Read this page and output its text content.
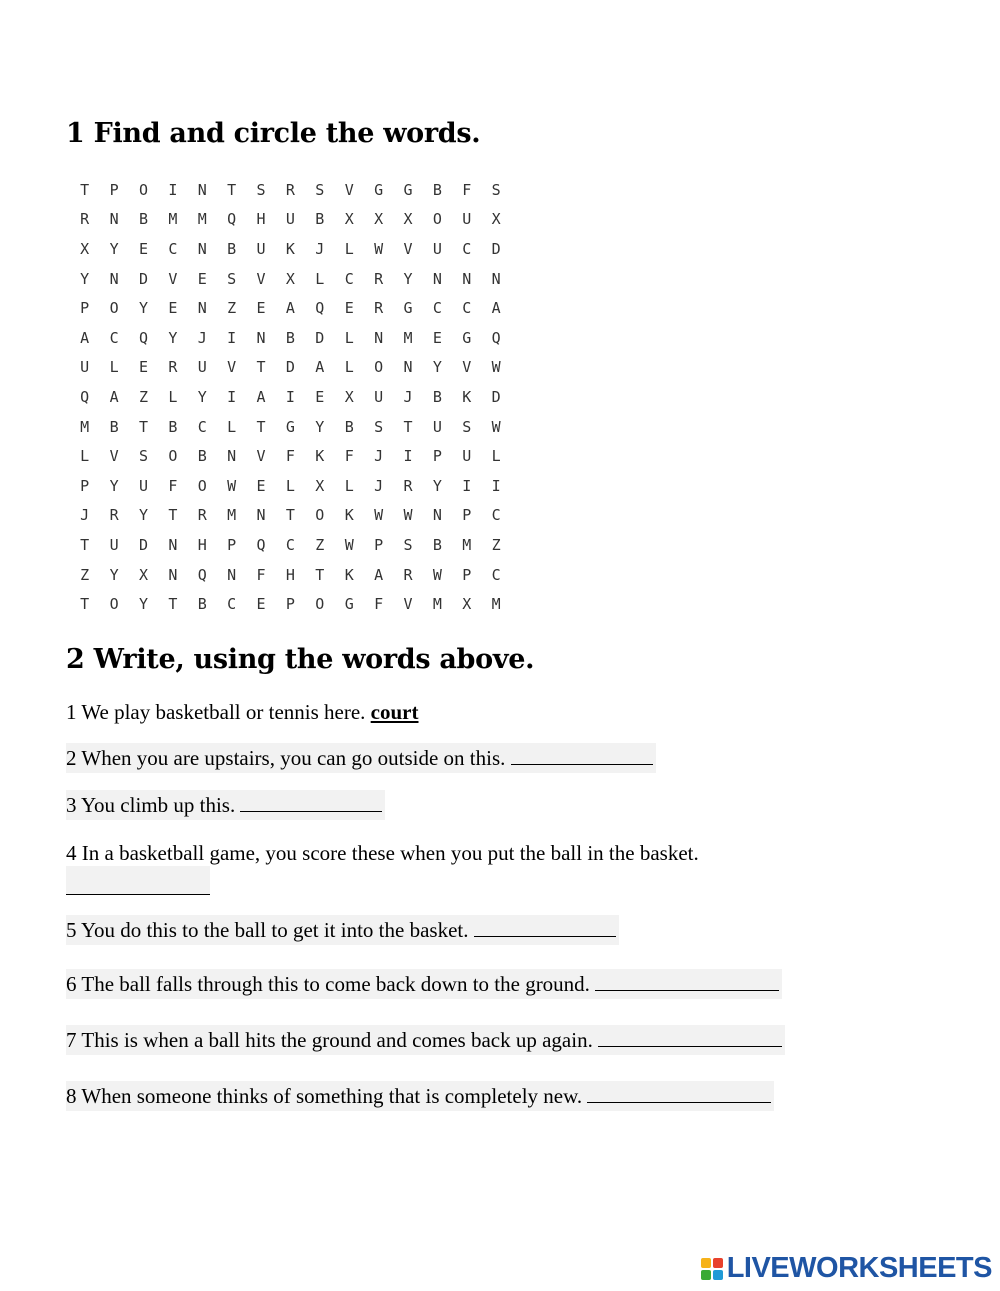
1 Find and circle the words.
T	P	O	I	N	T	S	R	S	V	G	G	B	F	S
R	N	B	M	M	Q	H	U	B	X	X	X	O	U	X
X	Y	E	C	N	B	U	K	J	L	W	V	U	C	D
Y	N	D	V	E	S	V	X	L	C	R	Y	N	N	N
P	O	Y	E	N	Z	E	A	Q	E	R	G	C	C	A
A	C	Q	Y	J	I	N	B	D	L	N	M	E	G	Q
U	L	E	R	U	V	T	D	A	L	O	N	Y	V	W
Q	A	Z	L	Y	I	A	I	E	X	U	J	B	K	D
M	B	T	B	C	L	T	G	Y	B	S	T	U	S	W
L	V	S	O	B	N	V	F	K	F	J	I	P	U	L
P	Y	U	F	O	W	E	L	X	L	J	R	Y	I	I
J	R	Y	T	R	M	N	T	O	K	W	W	N	P	C
T	U	D	N	H	P	Q	C	Z	W	P	S	B	M	Z
Z	Y	X	N	Q	N	F	H	T	K	A	R	W	P	C
T	O	Y	T	B	C	E	P	O	G	F	V	M	X	M
2 Write, using the words above.
1 We play basketball or tennis here. court
2 When you are upstairs, you can go outside on this.
3 You climb up this.
4 In a basketball game, you score these when you put the ball in the basket.
5 You do this to the ball to get it into the basket.
6 The ball falls through this to come back down to the ground.
7 This is when a ball hits the ground and comes back up again.
8 When someone thinks of something that is completely new.
LIVEWORKSHEETS
